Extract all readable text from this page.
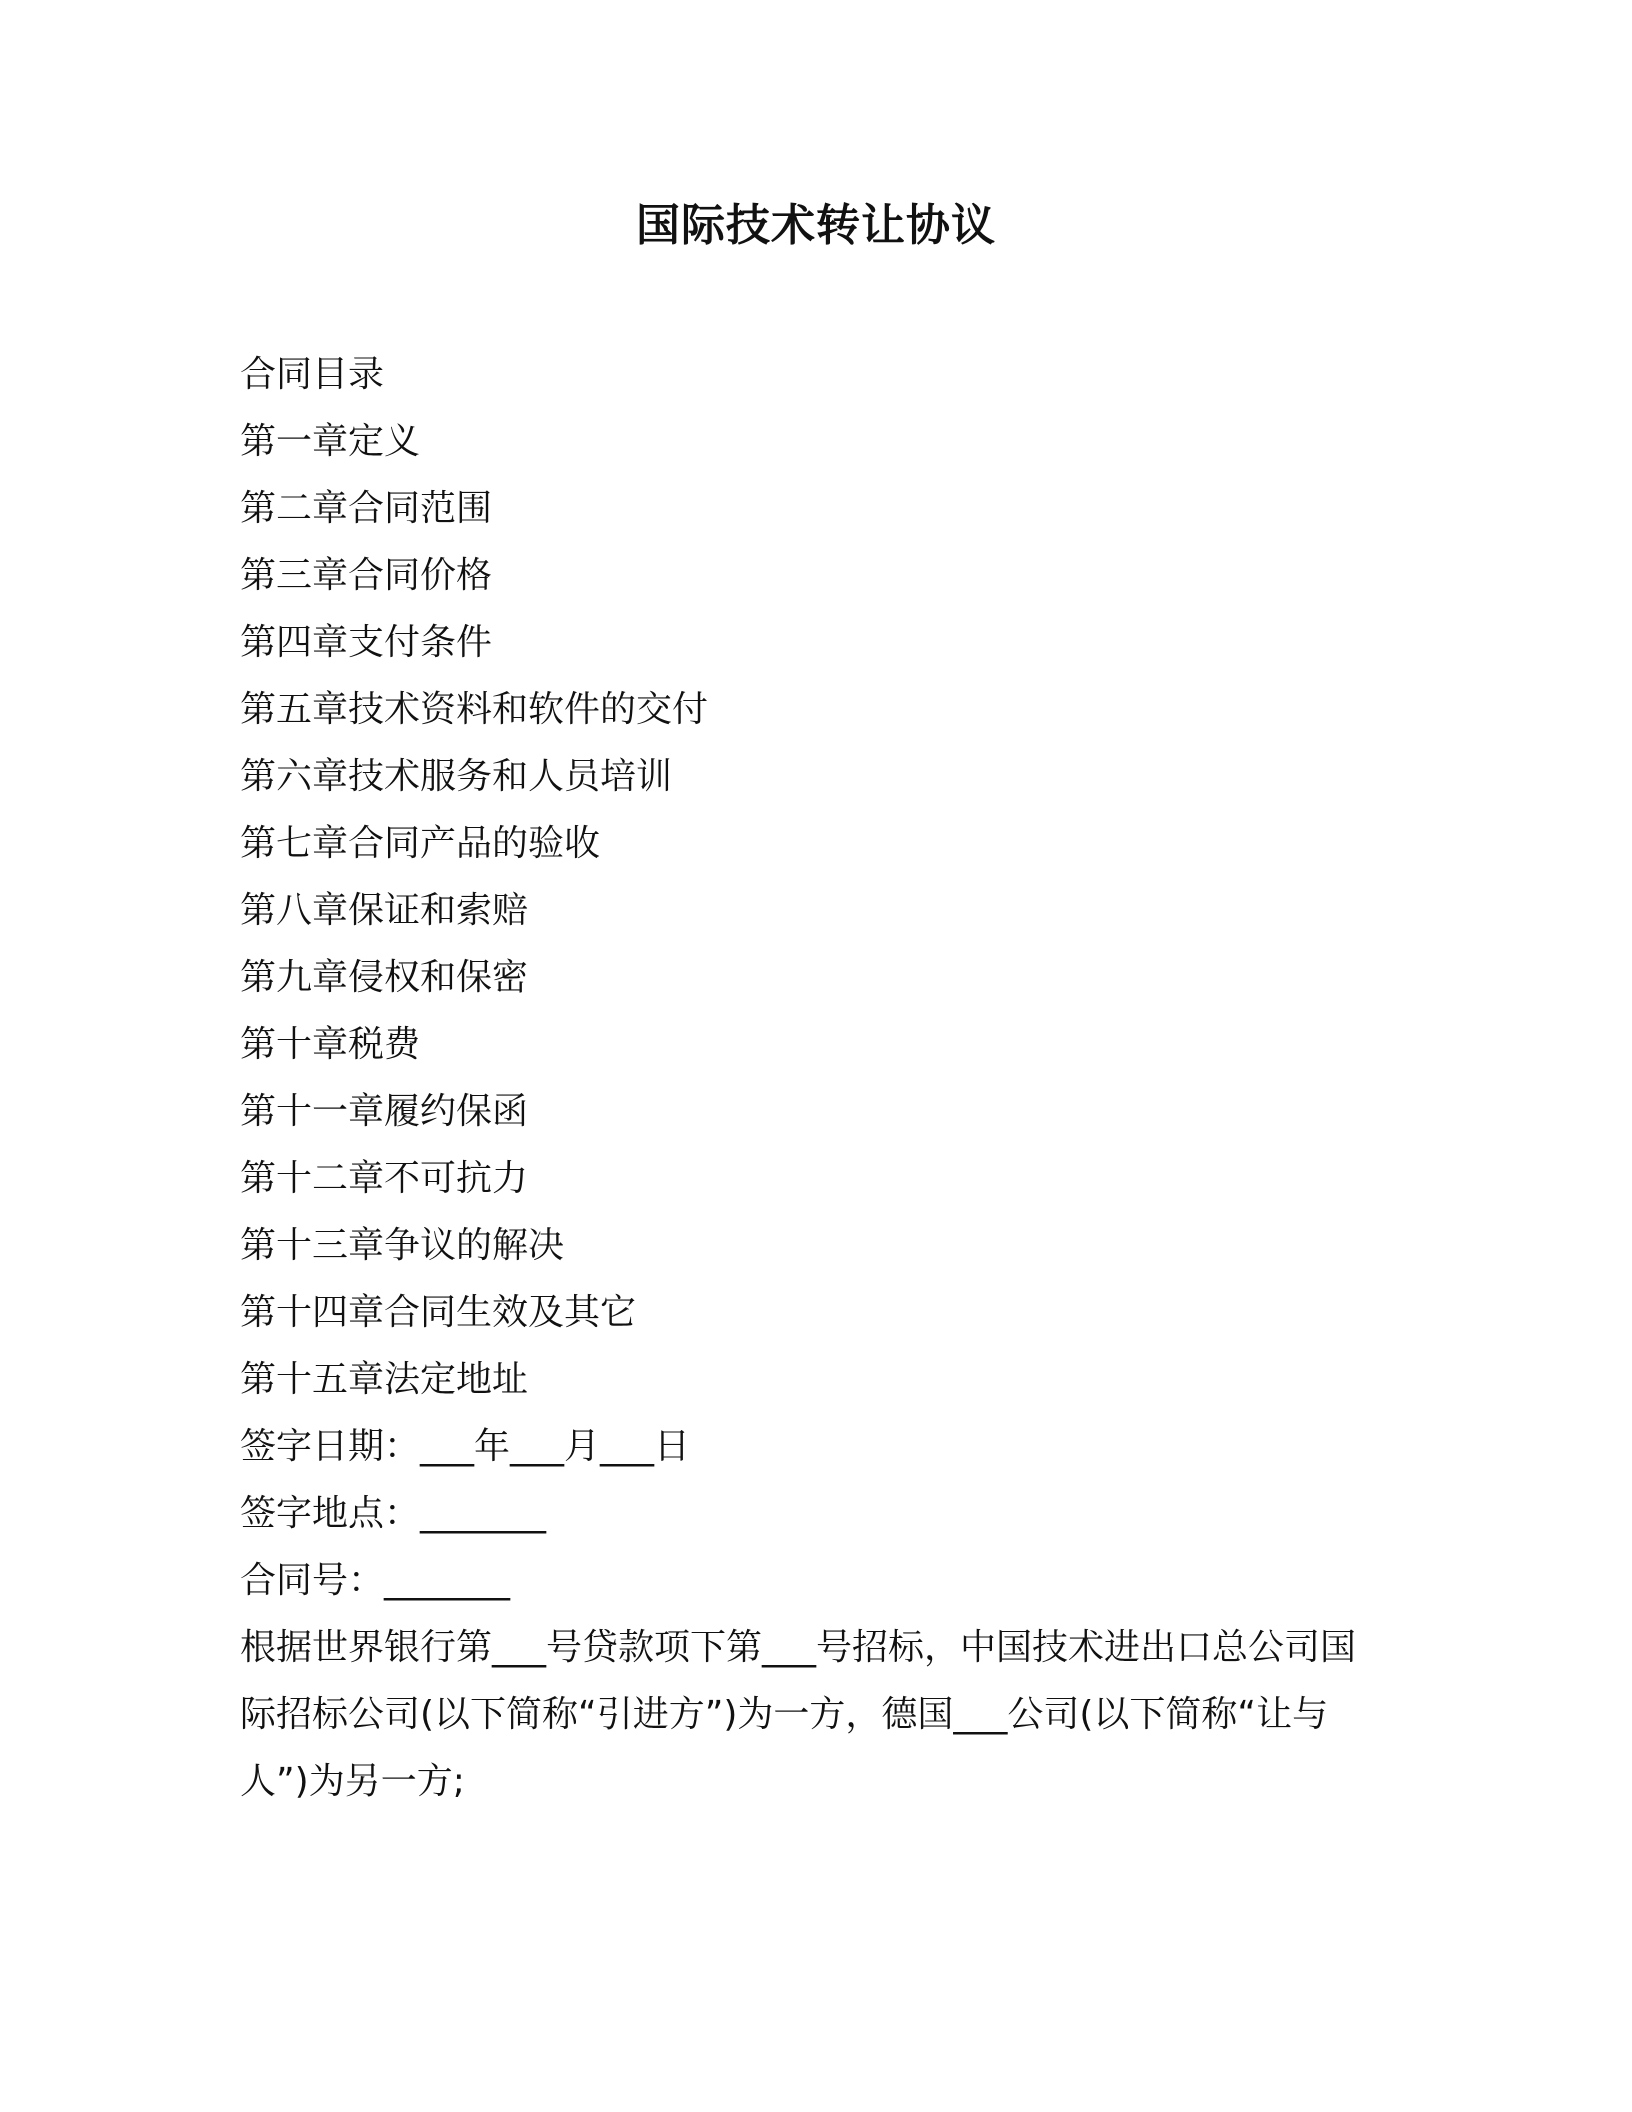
国际技术转让协议
合同目录
第一章定义
第二章合同范围
第三章合同价格
第四章支付条件
第五章技术资料和软件的交付
第六章技术服务和人员培训
第七章合同产品的验收
第八章保证和索赔
第九章侵权和保密
第十章税费
第十一章履约保函
第十二章不可抗力
第十三章争议的解决
第十四章合同生效及其它
第十五章法定地址
签字日期：___年___月___日
签字地点：_______
合同号：_______

根据世界银行第___号贷款项下第___号招标，中国技术进出口总公司国际招标公司(以下简称“引进方”)为一方，德国___公司(以下简称“让与人”)为另一方;
